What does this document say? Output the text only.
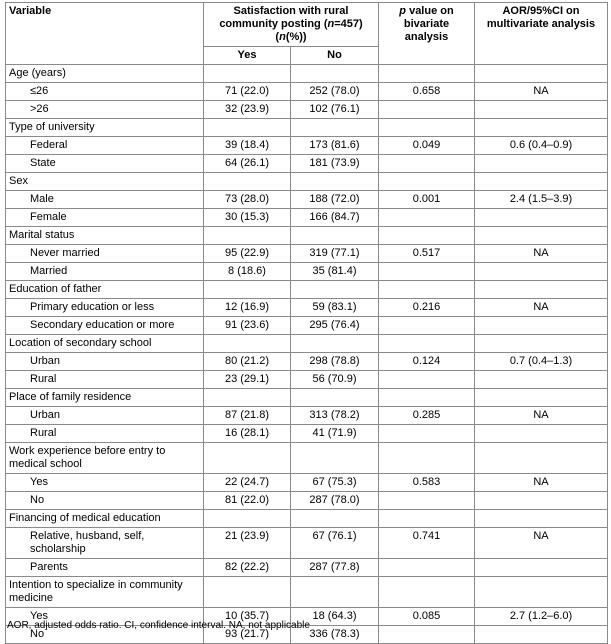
Variable	Satisfaction with rural community posting (n=457) (n(%))		p value on bivariate analysis	AOR/95%CI on multivariate analysis
	Yes	No		
Age (years)				
≤26	71 (22.0)	252 (78.0)	0.658	NA
>26	32 (23.9)	102 (76.1)		
Type of university				
Federal	39 (18.4)	173 (81.6)	0.049	0.6 (0.4–0.9)
State	64 (26.1)	181 (73.9)		
Sex				
Male	73 (28.0)	188 (72.0)	0.001	2.4 (1.5–3.9)
Female	30 (15.3)	166 (84.7)		
Marital status				
Never married	95 (22.9)	319 (77.1)	0.517	NA
Married	8 (18.6)	35 (81.4)		
Education of father				
Primary education or less	12 (16.9)	59 (83.1)	0.216	NA
Secondary education or more	91 (23.6)	295 (76.4)		
Location of secondary school				
Urban	80 (21.2)	298 (78.8)	0.124	0.7 (0.4–1.3)
Rural	23 (29.1)	56 (70.9)		
Place of family residence				
Urban	87 (21.8)	313 (78.2)	0.285	NA
Rural	16 (28.1)	41 (71.9)		
Work experience before entry to medical school				
Yes	22 (24.7)	67 (75.3)	0.583	NA
No	81 (22.0)	287 (78.0)		
Financing of medical education				
Relative, husband, self, scholarship	21 (23.9)	67 (76.1)	0.741	NA
Parents	82 (22.2)	287 (77.8)		
Intention to specialize in community medicine				
Yes	10 (35.7)	18 (64.3)	0.085	2.7 (1.2–6.0)
No	93 (21.7)	336 (78.3)		
AOR, adjusted odds ratio. CI, confidence interval. NA, not applicable
